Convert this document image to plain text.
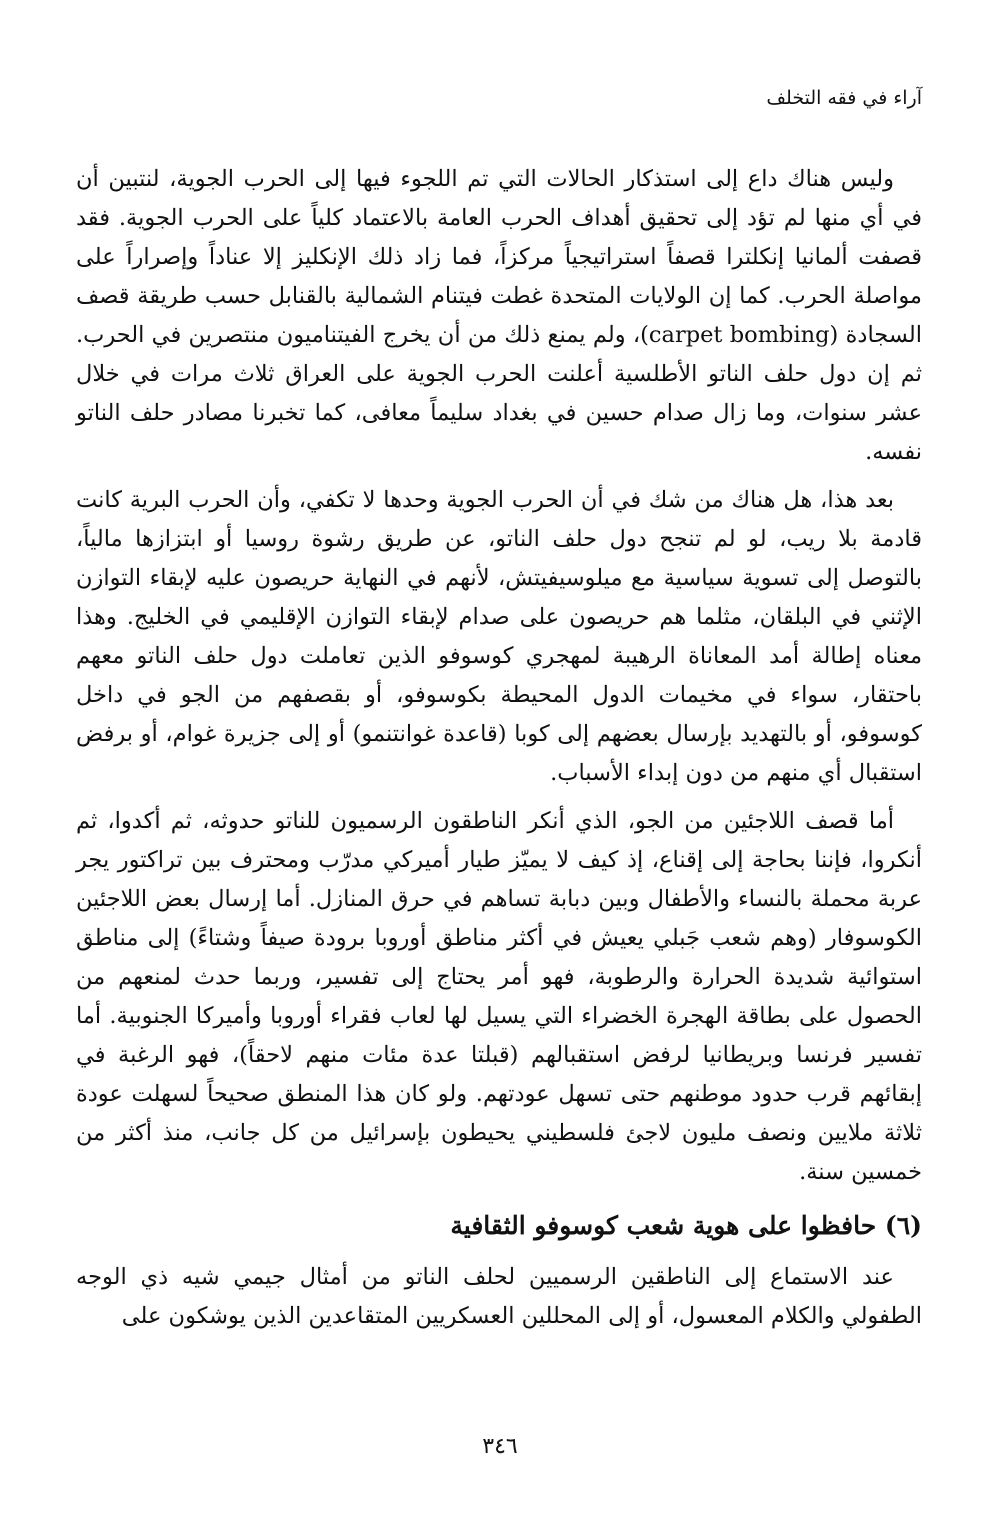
آراء في فقه التخلف

وليس هناك داع إلى استذكار الحالات التي تم اللجوء فيها إلى الحرب الجوية، لنتبين أن في أي منها لم تؤد إلى تحقيق أهداف الحرب العامة بالاعتماد كلياً على الحرب الجوية. فقد قصفت ألمانيا إنكلترا قصفاً استراتيجياً مركزاً، فما زاد ذلك الإنكليز إلا عناداً وإصراراً على مواصلة الحرب. كما إن الولايات المتحدة غطت فيتنام الشمالية بالقنابل حسب طريقة قصف السجادة (carpet bombing)، ولم يمنع ذلك من أن يخرج الفيتناميون منتصرين في الحرب. ثم إن دول حلف الناتو الأطلسية أعلنت الحرب الجوية على العراق ثلاث مرات في خلال عشر سنوات، وما زال صدام حسين في بغداد سليماً معافى، كما تخبرنا مصادر حلف الناتو نفسه.

بعد هذا، هل هناك من شك في أن الحرب الجوية وحدها لا تكفي، وأن الحرب البرية كانت قادمة بلا ريب، لو لم تنجح دول حلف الناتو، عن طريق رشوة روسيا أو ابتزازها مالياً، بالتوصل إلى تسوية سياسية مع ميلوسيفيتش، لأنهم في النهاية حريصون عليه لإبقاء التوازن الإثني في البلقان، مثلما هم حريصون على صدام لإبقاء التوازن الإقليمي في الخليج. وهذا معناه إطالة أمد المعاناة الرهيبة لمهجري كوسوفو الذين تعاملت دول حلف الناتو معهم باحتقار، سواء في مخيمات الدول المحيطة بكوسوفو، أو بقصفهم من الجو في داخل كوسوفو، أو بالتهديد بإرسال بعضهم إلى كوبا (قاعدة غوانتنمو) أو إلى جزيرة غوام، أو برفض استقبال أي منهم من دون إبداء الأسباب.

أما قصف اللاجئين من الجو، الذي أنكر الناطقون الرسميون للناتو حدوثه، ثم أكدوا، ثم أنكروا، فإننا بحاجة إلى إقناع، إذ كيف لا يميّز طيار أميركي مدرّب ومحترف بين تراكتور يجر عربة محملة بالنساء والأطفال وبين دبابة تساهم في حرق المنازل. أما إرسال بعض اللاجئين الكوسوفار (وهم شعب جَبلي يعيش في أكثر مناطق أوروبا برودة صيفاً وشتاءً) إلى مناطق استوائية شديدة الحرارة والرطوبة، فهو أمر يحتاج إلى تفسير، وربما حدث لمنعهم من الحصول على بطاقة الهجرة الخضراء التي يسيل لها لعاب فقراء أوروبا وأميركا الجنوبية. أما تفسير فرنسا وبريطانيا لرفض استقبالهم (قبلتا عدة مئات منهم لاحقاً)، فهو الرغبة في إبقائهم قرب حدود موطنهم حتى تسهل عودتهم. ولو كان هذا المنطق صحيحاً لسهلت عودة ثلاثة ملايين ونصف مليون لاجئ فلسطيني يحيطون بإسرائيل من كل جانب، منذ أكثر من خمسين سنة.

(٦) حافظوا على هوية شعب كوسوفو الثقافية

عند الاستماع إلى الناطقين الرسميين لحلف الناتو من أمثال جيمي شيه ذي الوجه الطفولي والكلام المعسول، أو إلى المحللين العسكريين المتقاعدين الذين يوشكون على

٣٤٦
